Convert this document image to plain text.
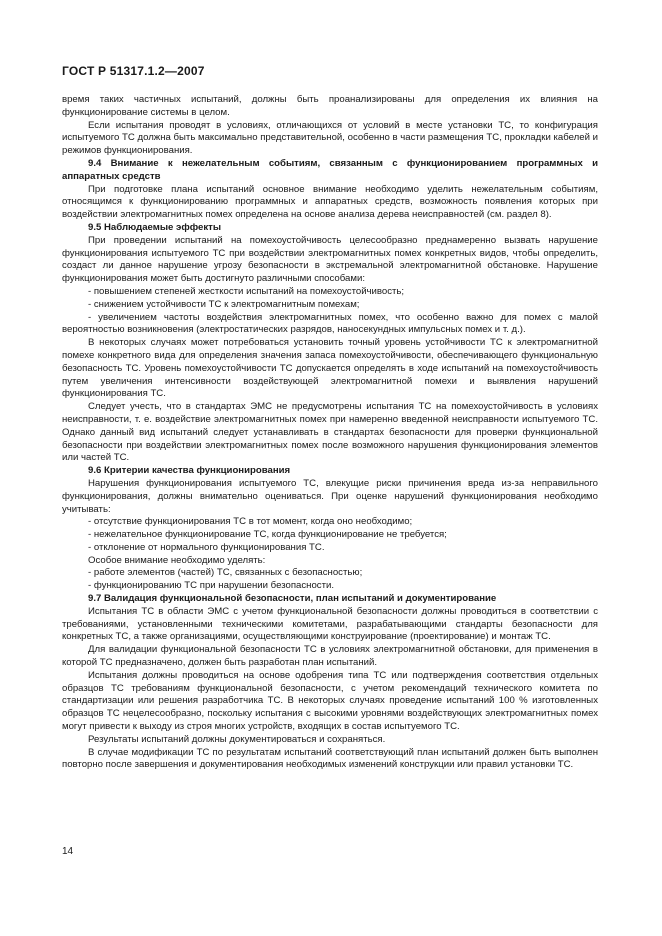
ГОСТ Р 51317.1.2—2007

время таких частичных испытаний, должны быть проанализированы для определения их влияния на функционирование системы в целом.

Если испытания проводят в условиях, отличающихся от условий в месте установки ТС, то конфигурация испытуемого ТС должна быть максимально представительной, особенно в части размещения ТС, прокладки кабелей и режимов функционирования.

9.4 Внимание к нежелательным событиям, связанным с функционированием программных и аппаратных средств

При подготовке плана испытаний основное внимание необходимо уделить нежелательным событиям, относящимся к функционированию программных и аппаратных средств, возможность появления которых при воздействии электромагнитных помех определена на основе анализа дерева неисправностей (см. раздел 8).

9.5 Наблюдаемые эффекты

При проведении испытаний на помехоустойчивость целесообразно преднамеренно вызвать нарушение функционирования испытуемого ТС при воздействии электромагнитных помех конкретных видов, чтобы определить, создаст ли данное нарушение угрозу безопасности в экстремальной электромагнитной обстановке. Нарушение функционирования может быть достигнуто различными способами:

- повышением степеней жесткости испытаний на помехоустойчивость;

- снижением устойчивости ТС к электромагнитным помехам;

- увеличением частоты воздействия электромагнитных помех, что особенно важно для помех с малой вероятностью возникновения (электростатических разрядов, наносекундных импульсных помех и т. д.).

В некоторых случаях может потребоваться установить точный уровень устойчивости ТС к электромагнитной помехе конкретного вида для определения значения запаса помехоустойчивости, обеспечивающего функциональную безопасность ТС. Уровень помехоустойчивости ТС допускается определять в ходе испытаний на помехоустойчивость путем увеличения интенсивности воздействующей электромагнитной помехи и выявления нарушений функционирования ТС.

Следует учесть, что в стандартах ЭМС не предусмотрены испытания ТС на помехоустойчивость в условиях неисправности, т. е. воздействие электромагнитных помех при намеренно введенной неисправности испытуемого ТС. Однако данный вид испытаний следует устанавливать в стандартах безопасности для проверки функциональной безопасности при воздействии электромагнитных помех после возможного нарушения функционирования элементов или частей ТС.

9.6 Критерии качества функционирования

Нарушения функционирования испытуемого ТС, влекущие риски причинения вреда из-за неправильного функционирования, должны внимательно оцениваться. При оценке нарушений функционирования необходимо учитывать:

- отсутствие функционирования ТС в тот момент, когда оно необходимо;

- нежелательное функционирование ТС, когда функционирование не требуется;

- отклонение от нормального функционирования ТС.

Особое внимание необходимо уделять:

- работе элементов (частей) ТС, связанных с безопасностью;

- функционированию ТС при нарушении безопасности.

9.7 Валидация функциональной безопасности, план испытаний и документирование

Испытания ТС в области ЭМС с учетом функциональной безопасности должны проводиться в соответствии с требованиями, установленными техническими комитетами, разрабатывающими стандарты безопасности для конкретных ТС, а также организациями, осуществляющими конструирование (проектирование) и монтаж ТС.

Для валидации функциональной безопасности ТС в условиях электромагнитной обстановки, для применения в которой ТС предназначено, должен быть разработан план испытаний.

Испытания должны проводиться на основе одобрения типа ТС или подтверждения соответствия отдельных образцов ТС требованиям функциональной безопасности, с учетом рекомендаций технического комитета по стандартизации или решения разработчика ТС. В некоторых случаях проведение испытаний 100 % изготовленных образцов ТС нецелесообразно, поскольку испытания с высокими уровнями воздействующих электромагнитных помех могут привести к выходу из строя многих устройств, входящих в состав испытуемого ТС.

Результаты испытаний должны документироваться и сохраняться.

В случае модификации ТС по результатам испытаний соответствующий план испытаний должен быть выполнен повторно после завершения и документирования необходимых изменений конструкции или правил установки ТС.

14
